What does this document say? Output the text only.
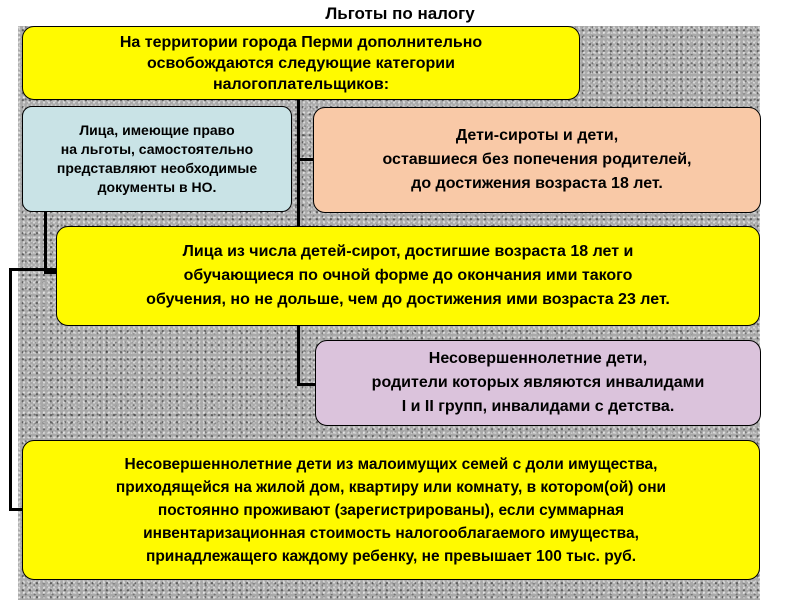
Льготы по налогу
На территории города Перми дополнительно
освобождаются следующие категории
налогоплательщиков:
Лица, имеющие право
на льготы, самостоятельно
представляют необходимые
документы в НО.
Дети-сироты и дети,
оставшиеся без попечения родителей,
до достижения возраста 18 лет.
Лица из числа детей-сирот, достигшие возраста 18 лет и
обучающиеся по очной форме до окончания ими такого
обучения, но не дольше, чем до достижения ими возраста 23 лет.
Несовершеннолетние дети,
родители которых являются инвалидами
I и II групп, инвалидами с детства.
Несовершеннолетние дети из малоимущих семей с доли имущества,
приходящейся на жилой дом, квартиру или комнату, в котором(ой) они
постоянно проживают (зарегистрированы), если суммарная
инвентаризационная стоимость налогооблагаемого имущества,
принадлежащего каждому ребенку, не превышает 100 тыс. руб.
